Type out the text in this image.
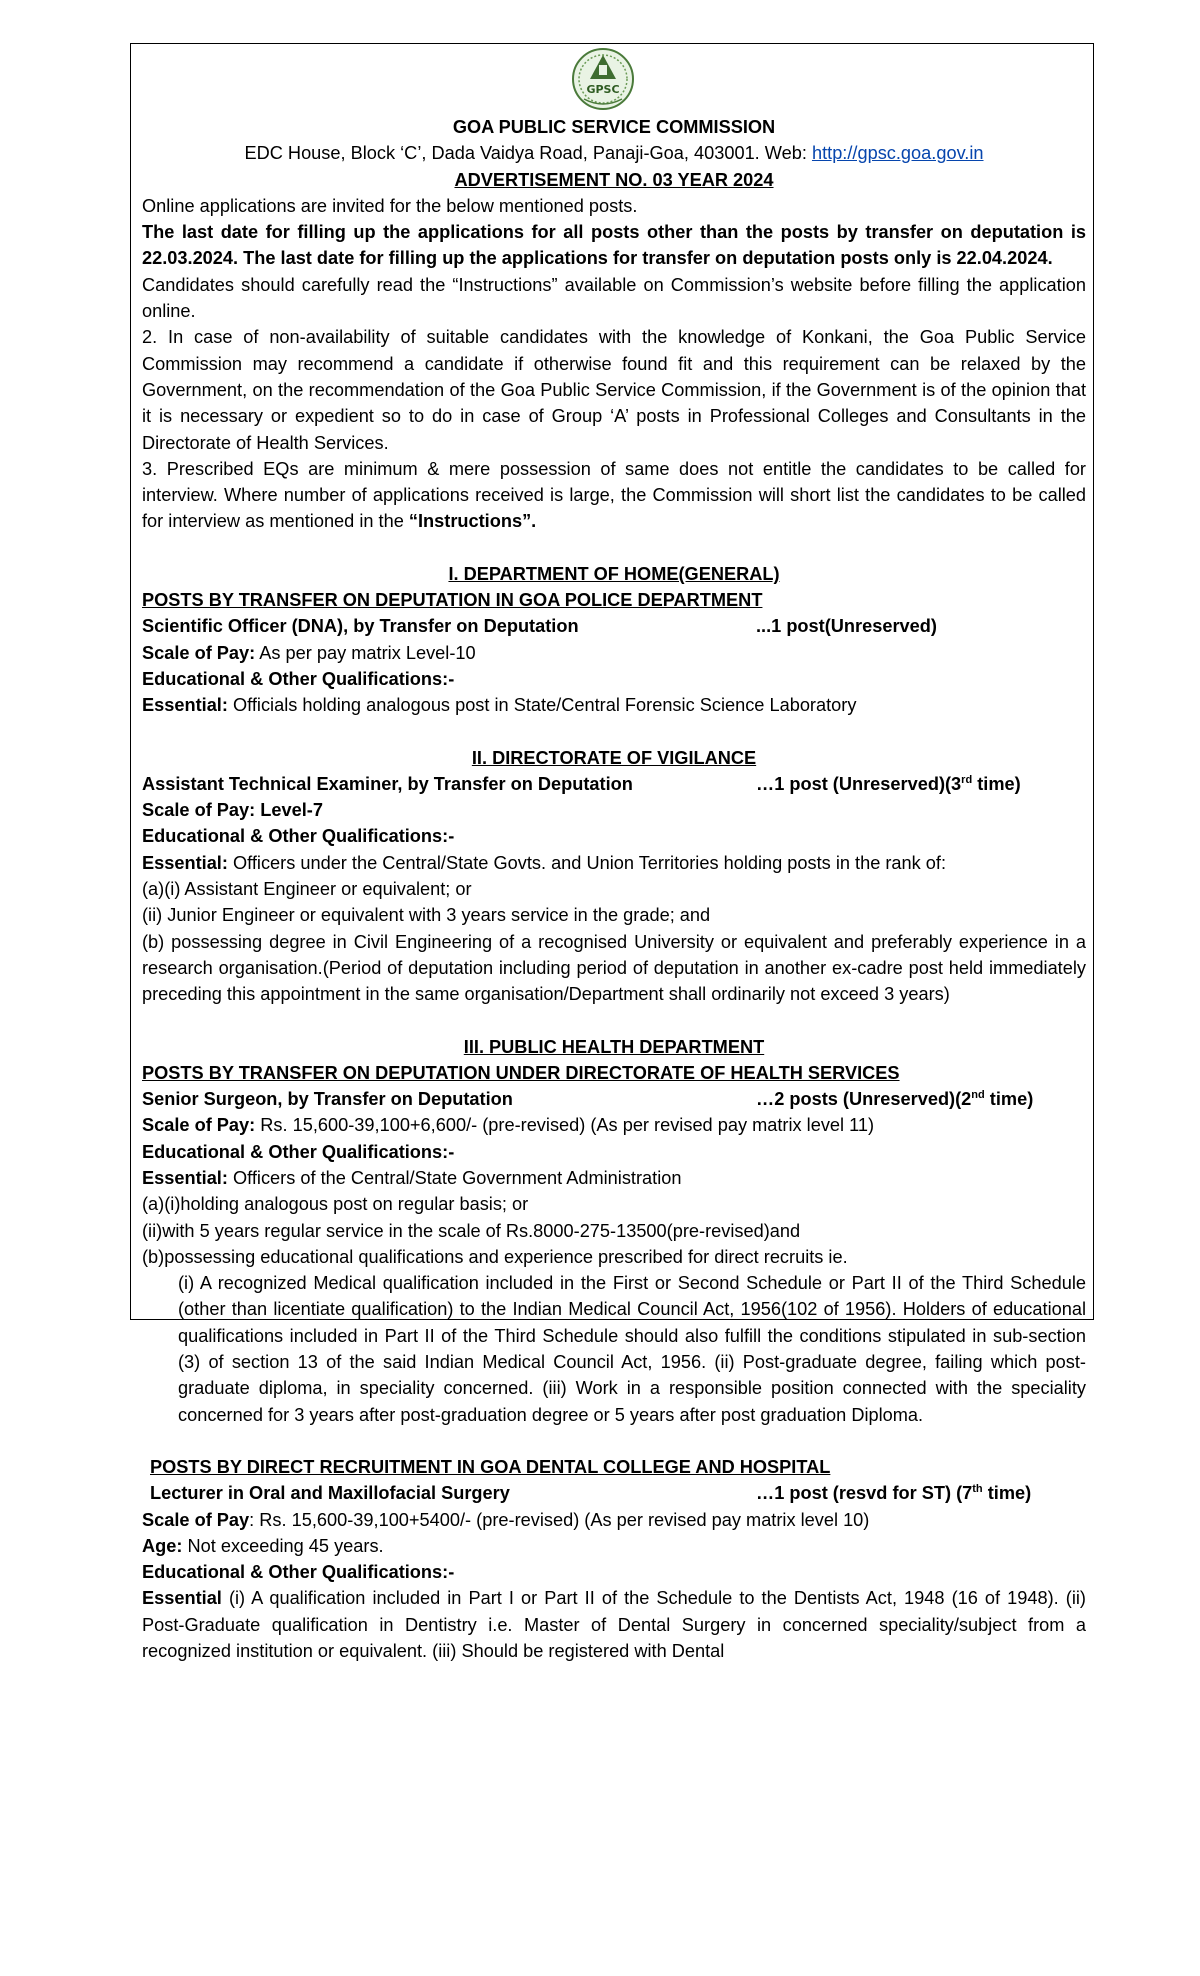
GPSC

GOA PUBLIC SERVICE COMMISSION

EDC House, Block ‘C’, Dada Vaidya Road, Panaji-Goa, 403001. Web: http://gpsc.goa.gov.in

ADVERTISEMENT NO. 03 YEAR 2024

Online applications are invited for the below mentioned posts.

The last date for filling up the applications for all posts other than the posts by transfer on deputation is 22.03.2024. The last date for filling up the applications for transfer on deputation posts only is 22.04.2024.

Candidates should carefully read the “Instructions” available on Commission’s website before filling the application online.

2. In case of non-availability of suitable candidates with the knowledge of Konkani, the Goa Public Service Commission may recommend a candidate if otherwise found fit and this requirement can be relaxed by the Government, on the recommendation of the Goa Public Service Commission, if the Government is of the opinion that it is necessary or expedient so to do in case of Group ‘A’ posts in Professional Colleges and Consultants in the Directorate of Health Services.

3. Prescribed EQs are minimum & mere possession of same does not entitle the candidates to be called for interview. Where number of applications received is large, the Commission will short list the candidates to be called for interview as mentioned in the “Instructions”.

I. DEPARTMENT OF HOME(GENERAL)

POSTS BY TRANSFER ON DEPUTATION IN GOA POLICE DEPARTMENT

Scientific Officer (DNA), by Transfer on Deputation	...1 post(Unreserved)

Scale of Pay: As per pay matrix Level-10

Educational & Other Qualifications:-

Essential: Officials holding analogous post in State/Central Forensic Science Laboratory

II. DIRECTORATE OF VIGILANCE

Assistant Technical Examiner, by Transfer on Deputation	…1 post (Unreserved)(3rd time)

Scale of Pay: Level-7

Educational & Other Qualifications:-

Essential: Officers under the Central/State Govts. and Union Territories holding posts in the rank of:

(a)(i) Assistant Engineer or equivalent; or

(ii) Junior Engineer or equivalent with 3 years service in the grade; and

(b) possessing degree in Civil Engineering of a recognised University or equivalent and preferably experience in a research organisation.(Period of deputation including period of deputation in another ex-cadre post held immediately preceding this appointment in the same organisation/Department shall ordinarily not exceed 3 years)

III. PUBLIC HEALTH DEPARTMENT

POSTS BY TRANSFER ON DEPUTATION UNDER DIRECTORATE OF HEALTH SERVICES

Senior Surgeon, by Transfer on Deputation	…2 posts (Unreserved)(2nd time)

Scale of Pay: Rs. 15,600-39,100+6,600/- (pre-revised) (As per revised pay matrix level 11)

Educational & Other Qualifications:-

Essential: Officers of the Central/State Government Administration

(a)(i)holding analogous post on regular basis; or

(ii)with 5 years regular service in the scale of Rs.8000-275-13500(pre-revised)and

(b)possessing educational qualifications and experience prescribed for direct recruits ie.

(i) A recognized Medical qualification included in the First or Second Schedule or Part II of the Third Schedule (other than licentiate qualification) to the Indian Medical Council Act, 1956(102 of 1956). Holders of educational qualifications included in Part II of the Third Schedule should also fulfill the conditions stipulated in sub-section (3) of section 13 of the said Indian Medical Council Act, 1956. (ii) Post-graduate degree, failing which post-graduate diploma, in speciality concerned. (iii) Work in a responsible position connected with the speciality concerned for 3 years after post-graduation degree or 5 years after post graduation Diploma.

POSTS BY DIRECT RECRUITMENT IN GOA DENTAL COLLEGE AND HOSPITAL

Lecturer in Oral and Maxillofacial Surgery	…1 post (resvd for ST) (7th time)

Scale of Pay: Rs. 15,600-39,100+5400/- (pre-revised) (As per revised pay matrix level 10)

Age: Not exceeding 45 years.

Educational & Other Qualifications:-

Essential (i) A qualification included in Part I or Part II of the Schedule to the Dentists Act, 1948 (16 of 1948). (ii) Post-Graduate qualification in Dentistry i.e. Master of Dental Surgery in concerned speciality/subject from a recognized institution or equivalent. (iii) Should be registered with Dental
